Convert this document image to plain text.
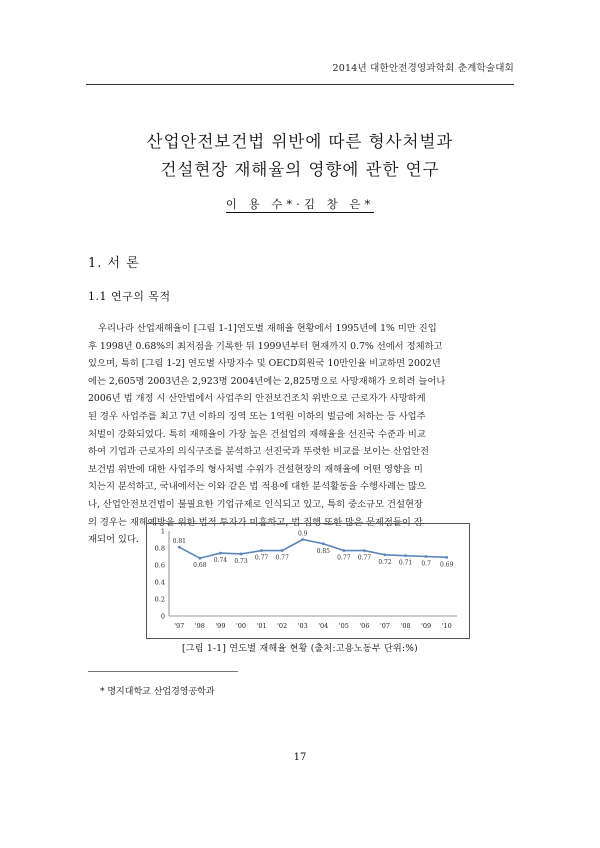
2014년 대한안전경영과학회 춘계학술대회
산업안전보건법 위반에 따른 형사처벌과
건설현장 재해율의 영향에 관한 연구
이 용 수*·김 창 은*
1. 서 론
1.1 연구의 목적
우리나라 산업재해율이 [그림 1-1]연도별 재해율 현황에서 1995년에 1% 미만 진입
후 1998년 0.68%의 최저점을 기록한 뒤 1999년부터 현재까지 0.7% 선에서 정체하고
있으며, 특히 [그림 1-2] 연도별 사망자수 및 OECD회원국 10만인율 비교하면 2002년
에는 2,605명 2003년은 2,923명 2004년에는 2,825명으로 사망재해가 오히려 늘어나
2006년 법 개정 시 산안법에서 사업주의 안전보건조치 위반으로 근로자가 사망하게
된 경우 사업주를 최고 7년 이하의 징역 또는 1억원 이하의 벌금에 처하는 등 사업주
처벌이 강화되었다. 특히 재해율이 가장 높은 건설업의 재해율을 선진국 수준과 비교
하여 기업과 근로자의 의식구조를 분석하고 선진국과 뚜렷한 비교를 보이는 산업안전
보건법 위반에 대한 사업주의 형사처벌 수위가 건설현장의 재해율에 어떤 영향을 미
치는지 분석하고, 국내에서는 이와 같은 법 적용에 대한 분석활동을 수행사례는 많으
나, 산업안전보건법이 불필요한 기업규제로 인식되고 있고, 특히 중소규모 건설현장
의 경우는 재해예방을 위한 법적 투자가 미흡하고, 법 집행 또한 많은 문제점들이 잠
재되어 있다.
0
0.2
0.4
0.6
0.8
1
'97 '98 '99 '00 '01 '02 '03 '04 '05 '06 '07 '08 '09 '10
0.81
0.68
0.74 0.73 0.77 0.77
0.9
0.85
0.77 0.77
0.72 0.71 0.7 0.69
[그림 1-1] 연도별 재해율 현황 (출처:고용노동부 단위:%)
* 명지대학교 산업경영공학과
17
